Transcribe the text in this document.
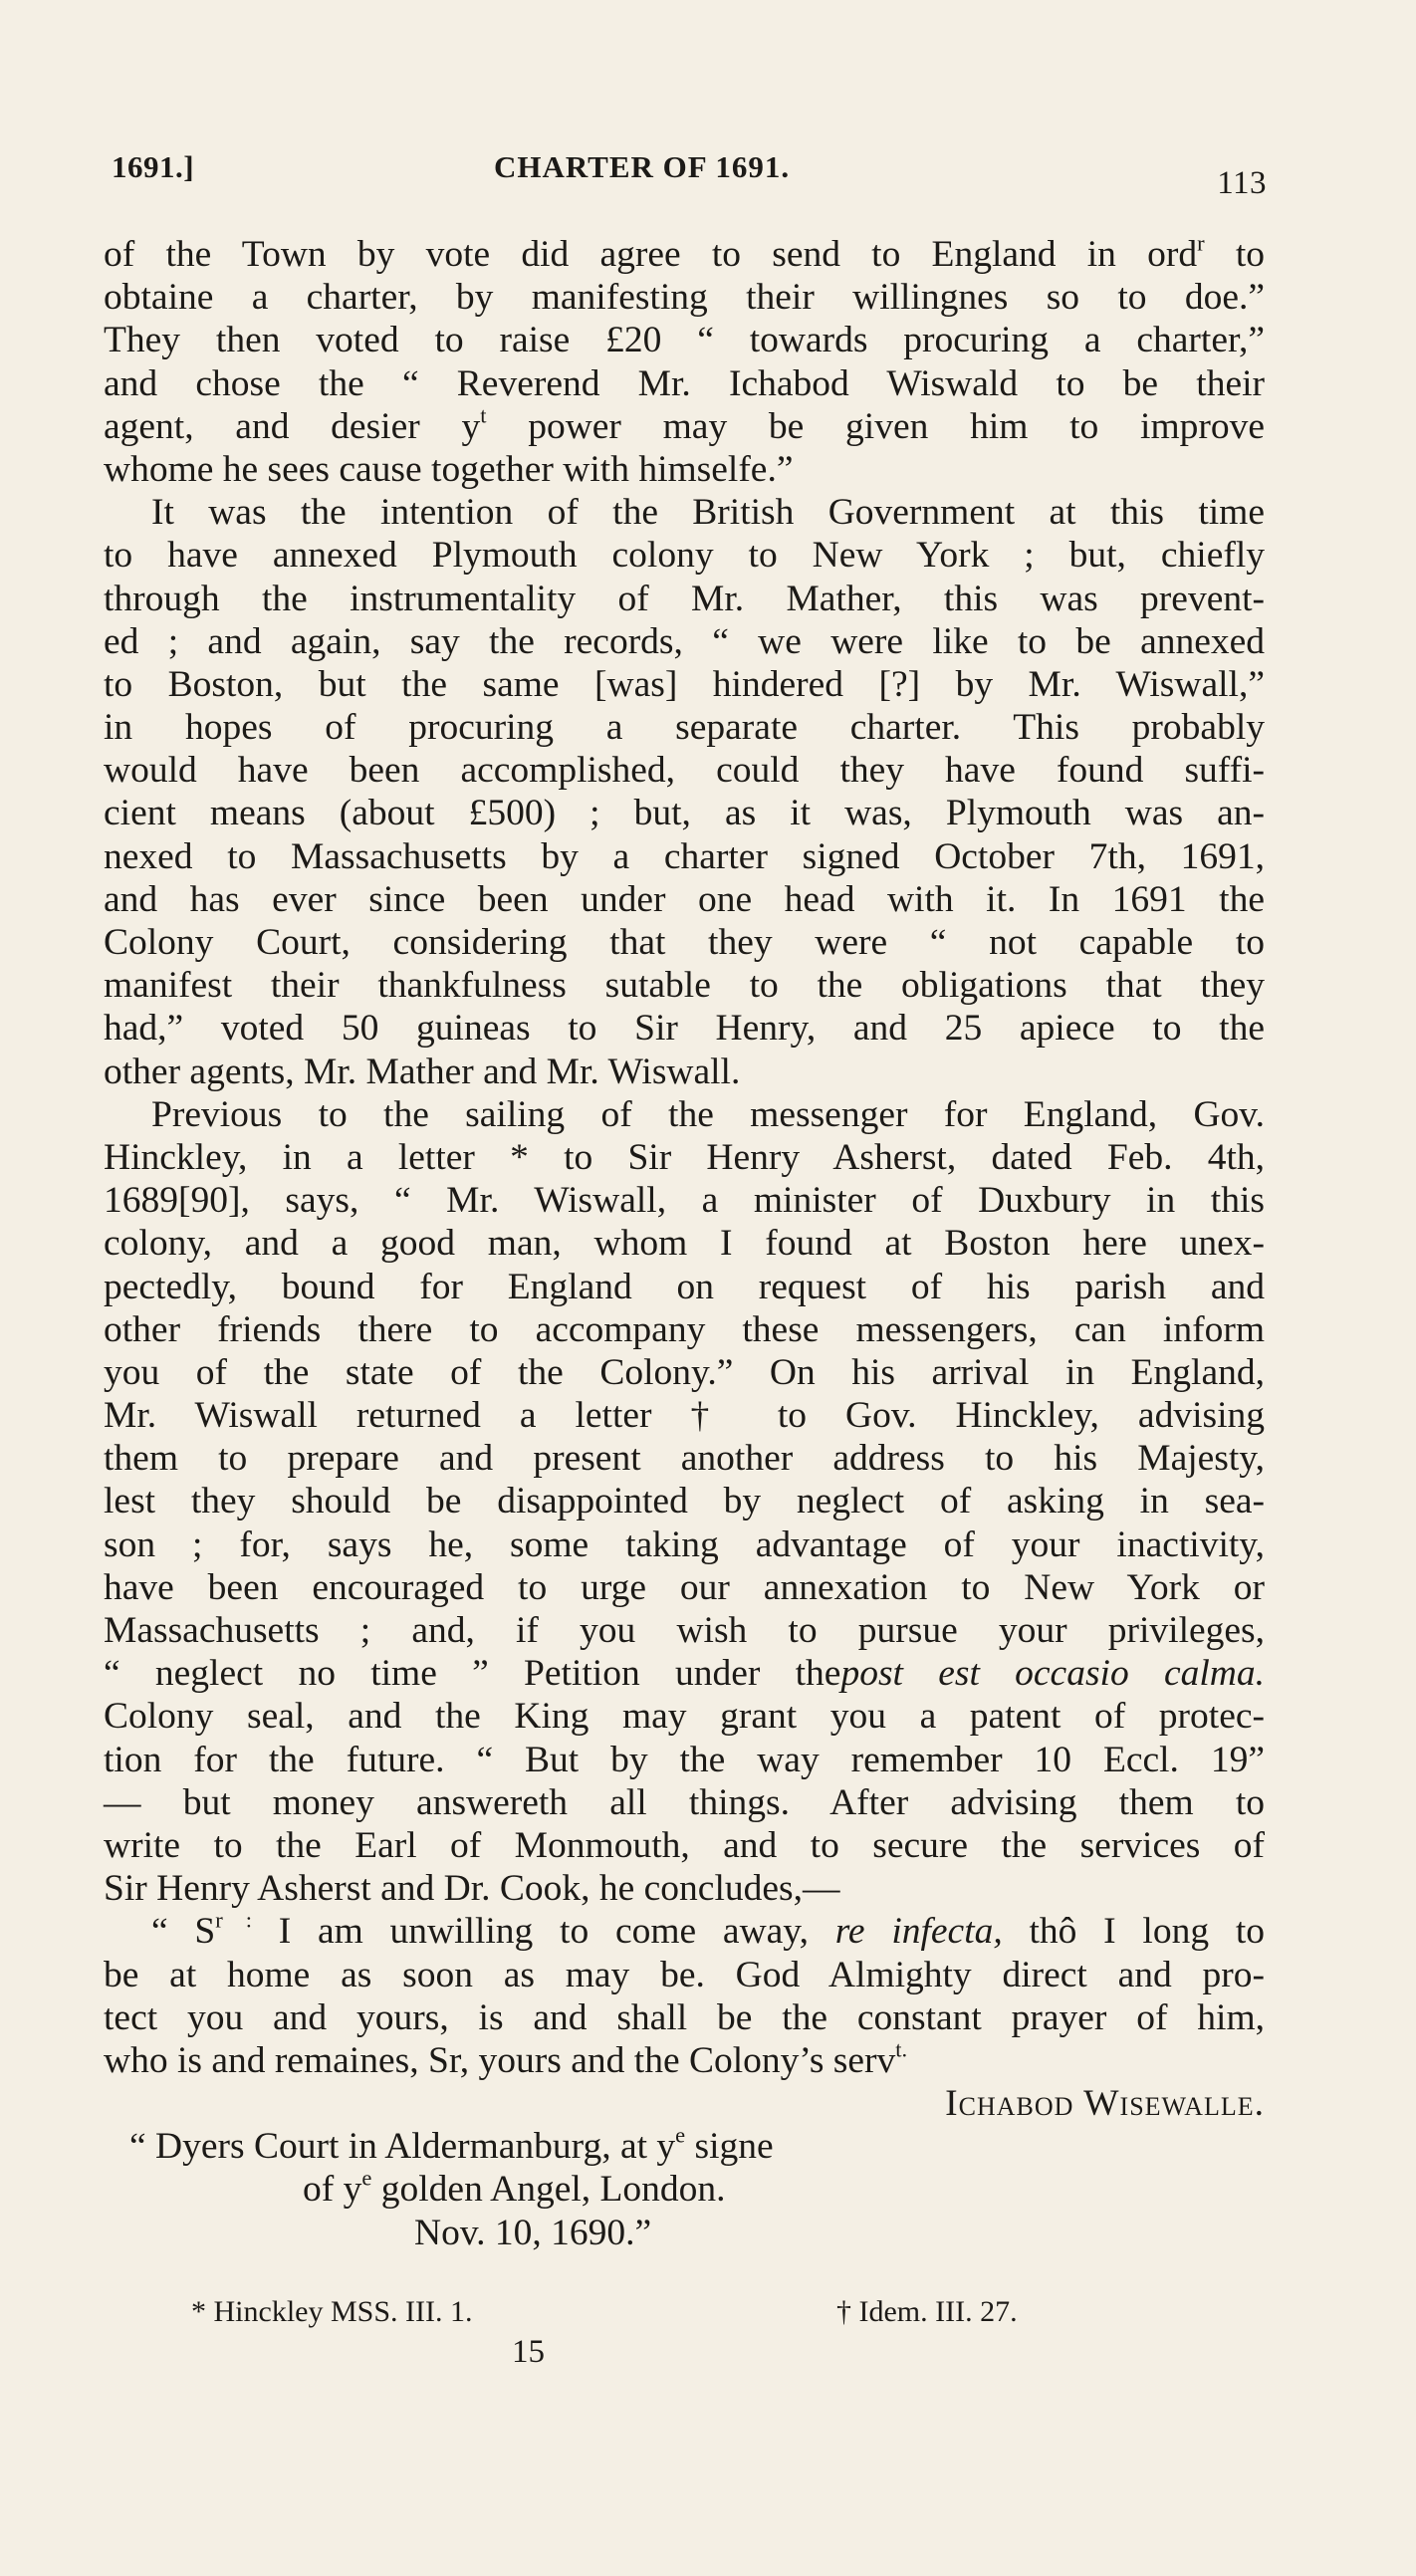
1691.]	CHARTER OF 1691.	113
of the Town by vote did agree to send to England in ord$^r$ to
obtaine a charter, by manifesting their willingnes so to doe.”
They then voted to raise £20 “ towards procuring a charter,”
and chose the “ Reverend Mr. Ichabod Wiswald to be their
agent, and desier $y^t$ power may be given him to improve
whome he sees cause together with himselfe.”
It was the intention of the British Government at this time
to have annexed Plymouth colony to New York ; but, chiefly
through the instrumentality of Mr. Mather, this was prevent-
ed ; and again, say the records, “ we were like to be annexed
to Boston, but the same [was] hindered [?] by Mr. Wiswall,”
in hopes of procuring a separate charter. This probably
would have been accomplished, could they have found suffi-
cient means (about £500) ; but, as it was, Plymouth was an-
nexed to Massachusetts by a charter signed October 7th, 1691,
and has ever since been under one head with it. In 1691 the
Colony Court, considering that they were “ not capable to
manifest their thankfulness sutable to the obligations that they
had,” voted 50 guineas to Sir Henry, and 25 apiece to the
other agents, Mr. Mather and Mr. Wiswall.
Previous to the sailing of the messenger for England, Gov.
Hinckley, in a letter * to Sir Henry Asherst, dated Feb. 4th,
1689[90], says, “ Mr. Wiswall, a minister of Duxbury in this
colony, and a good man, whom I found at Boston here unex-
pectedly, bound for England on request of his parish and
other friends there to accompany these messengers, can inform
you of the state of the Colony.” On his arrival in England,
Mr. Wiswall returned a letter † to Gov. Hinckley, advising
them to prepare and present another address to his Majesty,
lest they should be disappointed by neglect of asking in sea-
son ; for, says he, some taking advantage of your inactivity,
have been encouraged to urge our annexation to New York or
Massachusetts ; and, if you wish to pursue your privileges,
“ neglect no time ” Petition under thepost est occasio calma.
Colony seal, and the King may grant you a patent of protec-
tion for the future. “ But by the way remember 10 Eccl. 19”
— but money answereth all things. After advising them to
write to the Earl of Monmouth, and to secure the services of
Sir Henry Asherst and Dr. Cook, he concludes,—
“ $S^{r :}$ I am unwilling to come away, re infecta, thô I long to
be at home as soon as may be. God Almighty direct and pro-
tect you and yours, is and shall be the constant prayer of him,
who is and remaines, Sr, yours and the Colony’s serv$^{t.}$
Ichabod Wisewalle.
“ Dyers Court in Aldermanburg, at $y^e$ signe
of $y^e$ golden Angel, London.
Nov. 10, 1690.”
* Hinckley MSS. III. 1.	† Idem. III. 27.
15
